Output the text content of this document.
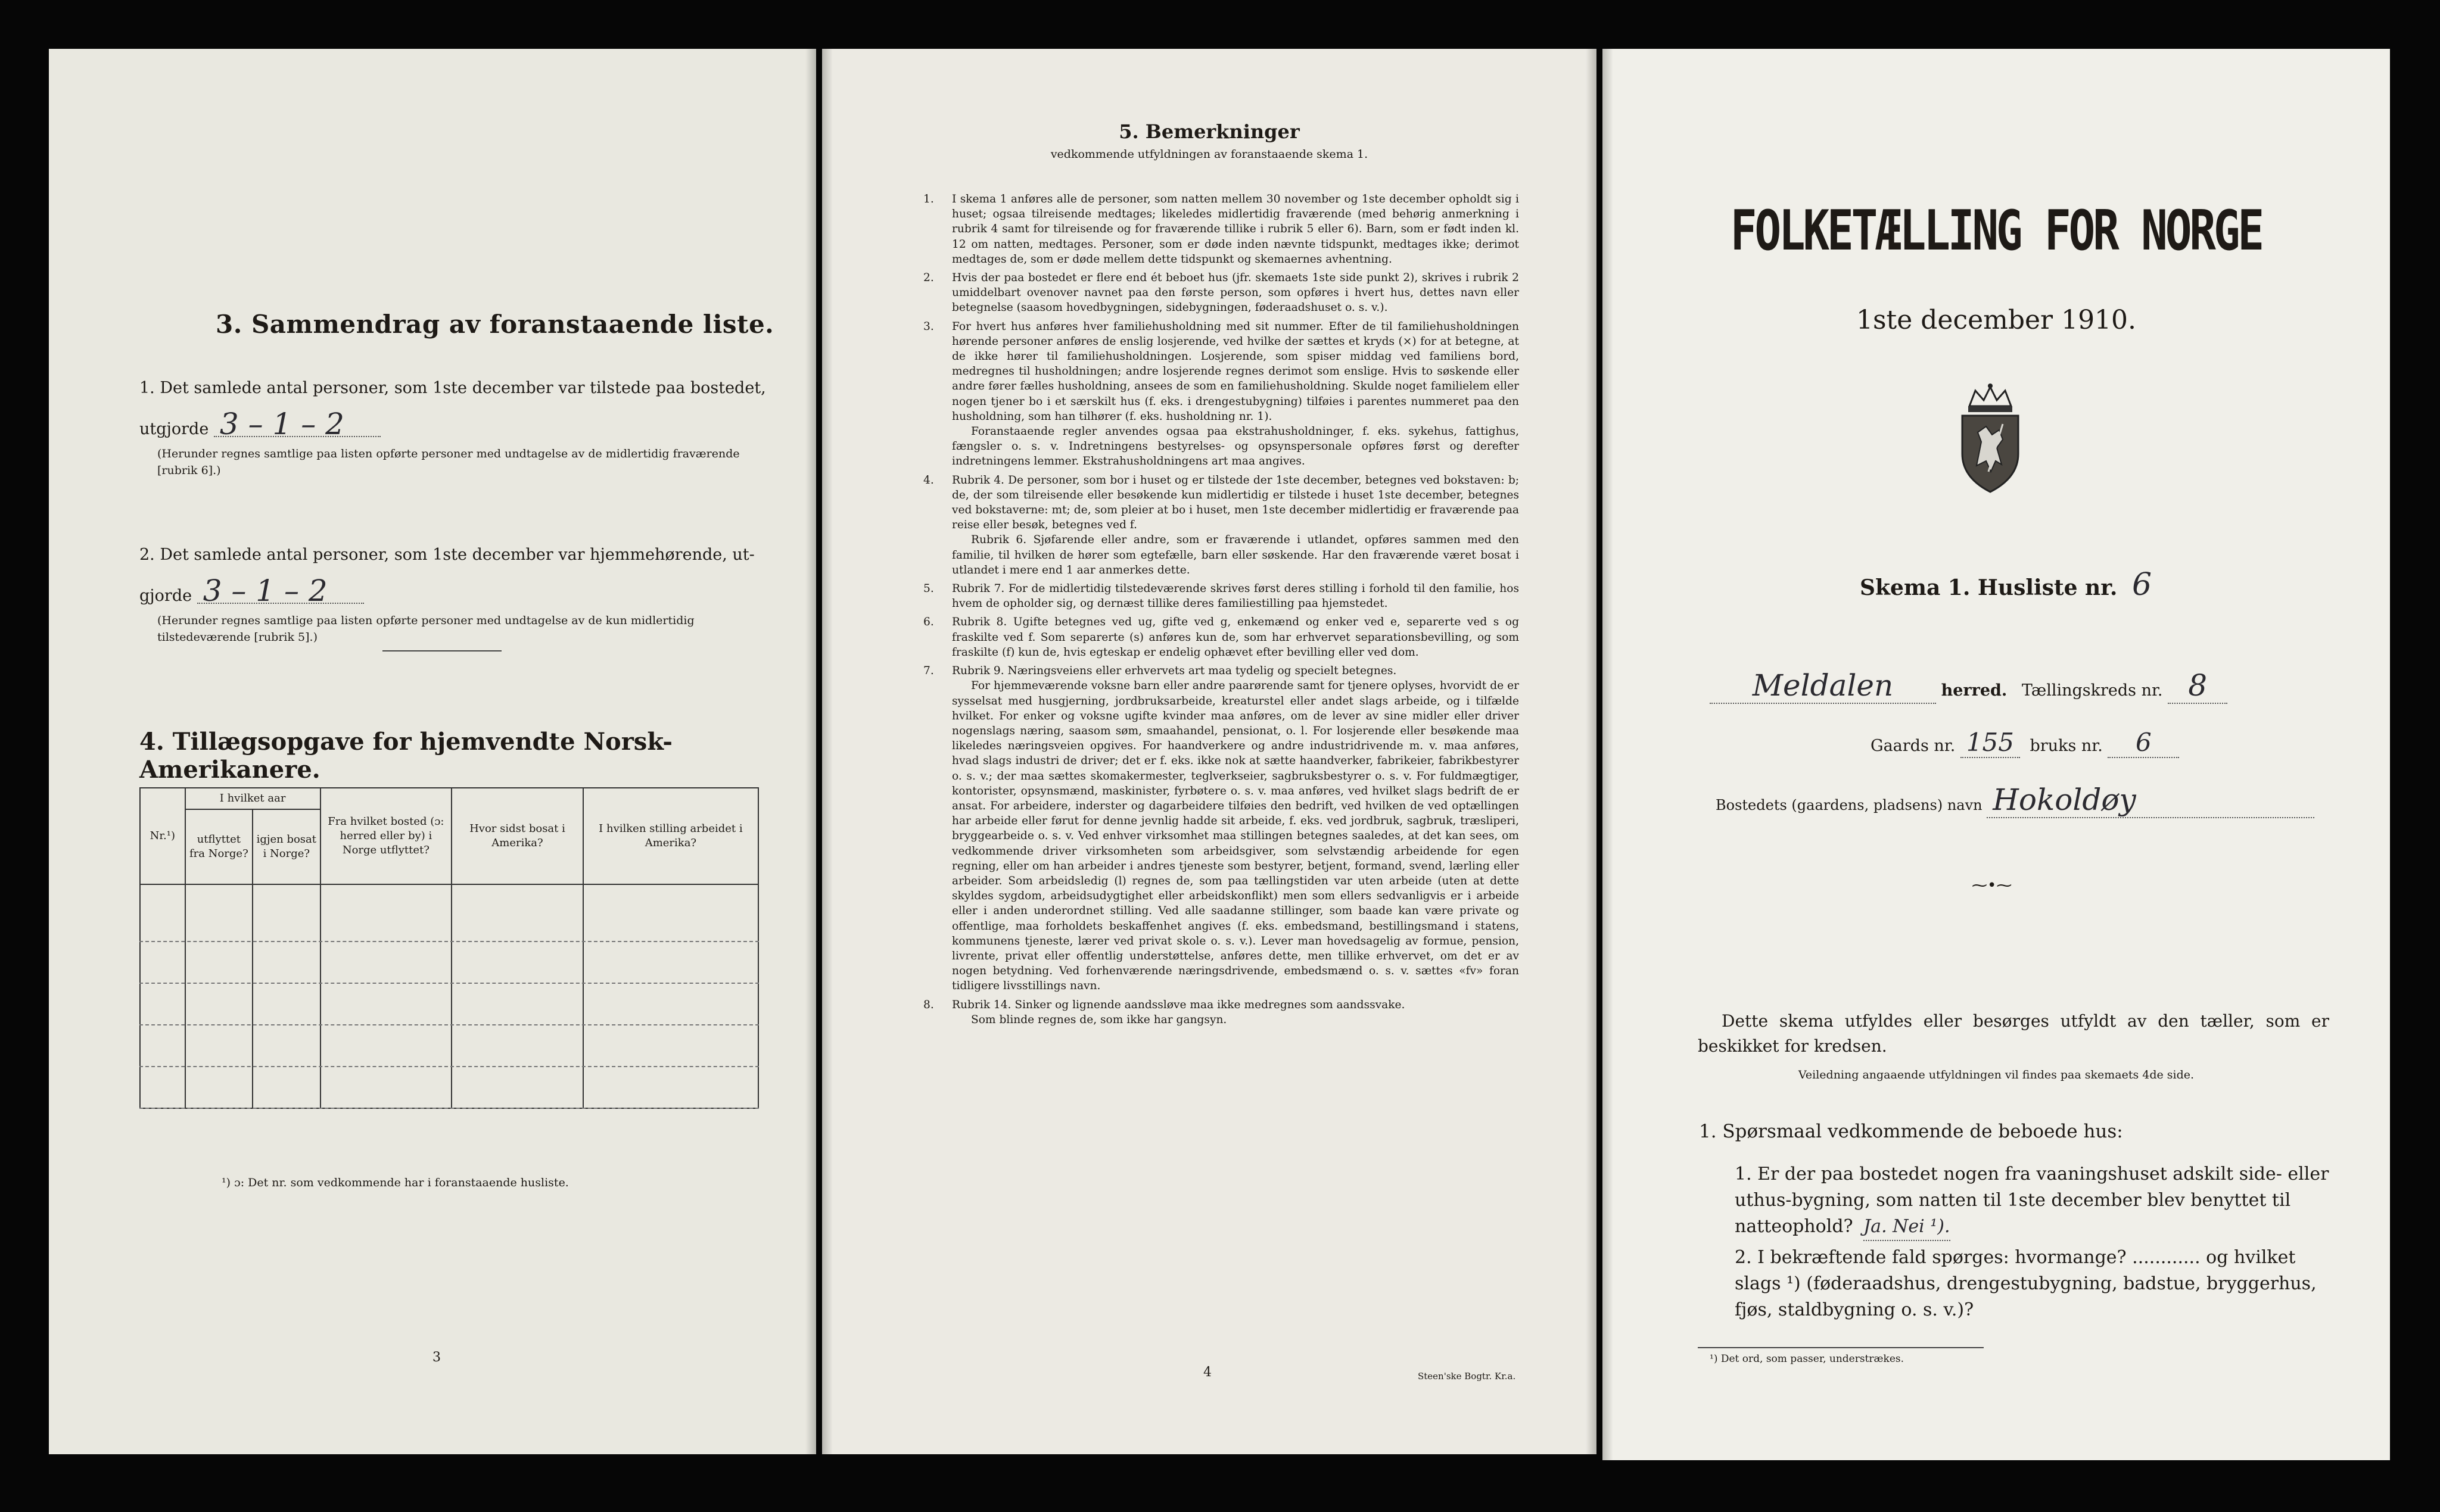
3. Sammendrag av foranstaaende liste.
1. Det samlede antal personer, som 1ste december var tilstede paa bostedet,
utgjorde 3 – 1 – 2
(Herunder regnes samtlige paa listen opførte personer med undtagelse av de midlertidig fraværende [rubrik 6].)
2. Det samlede antal personer, som 1ste december var hjemmehørende, ut-
gjorde 3 – 1 – 2
(Herunder regnes samtlige paa listen opførte personer med undtagelse av de kun midlertidig tilstedeværende [rubrik 5].)
4. Tillægsopgave for hjemvendte Norsk-Amerikanere.
Nr.¹)	I hvilket aar		Fra hvilket bosted (ɔ: herred eller by) i Norge utflyttet?	Hvor sidst bosat i Amerika?	I hvilken stilling arbeidet i Amerika?
	utflyttet fra Norge?	igjen bosat i Norge?			

¹) ɔ: Det nr. som vedkommende har i foranstaaende husliste.
3
5. Bemerkninger
vedkommende utfyldningen av foranstaaende skema 1.
1. I skema 1 anføres alle de personer, som natten mellem 30 november og 1ste december opholdt sig i huset; ogsaa tilreisende medtages; likeledes midlertidig fraværende (med behørig anmerkning i rubrik 4 samt for tilreisende og for fraværende tillike i rubrik 5 eller 6). Barn, som er født inden kl. 12 om natten, medtages. Personer, som er døde inden nævnte tidspunkt, medtages ikke; derimot medtages de, som er døde mellem dette tidspunkt og skemaernes avhentning.

2. Hvis der paa bostedet er flere end ét beboet hus (jfr. skemaets 1ste side punkt 2), skrives i rubrik 2 umiddelbart ovenover navnet paa den første person, som opføres i hvert hus, dettes navn eller betegnelse (saasom hovedbygningen, sidebygningen, føderaadshuset o. s. v.).

3. For hvert hus anføres hver familiehusholdning med sit nummer. Efter de til familiehusholdningen hørende personer anføres de enslig losjerende, ved hvilke der sættes et kryds (×) for at betegne, at de ikke hører til familiehusholdningen. Losjerende, som spiser middag ved familiens bord, medregnes til husholdningen; andre losjerende regnes derimot som enslige. Hvis to søskende eller andre fører fælles husholdning, ansees de som en familiehusholdning. Skulde noget familielem eller nogen tjener bo i et særskilt hus (f. eks. i drengestubygning) tilføies i parentes nummeret paa den husholdning, som han tilhører (f. eks. husholdning nr. 1).

Foranstaaende regler anvendes ogsaa paa ekstrahusholdninger, f. eks. sykehus, fattighus, fængsler o. s. v. Indretningens bestyrelses- og opsynspersonale opføres først og derefter indretningens lemmer. Ekstrahusholdningens art maa angives.

4. Rubrik 4. De personer, som bor i huset og er tilstede der 1ste december, betegnes ved bokstaven: b; de, der som tilreisende eller besøkende kun midlertidig er tilstede i huset 1ste december, betegnes ved bokstaverne: mt; de, som pleier at bo i huset, men 1ste december midlertidig er fraværende paa reise eller besøk, betegnes ved f.

Rubrik 6. Sjøfarende eller andre, som er fraværende i utlandet, opføres sammen med den familie, til hvilken de hører som egtefælle, barn eller søskende. Har den fraværende været bosat i utlandet i mere end 1 aar anmerkes dette.

5. Rubrik 7. For de midlertidig tilstedeværende skrives først deres stilling i forhold til den familie, hos hvem de opholder sig, og dernæst tillike deres familiestilling paa hjemstedet.

6. Rubrik 8. Ugifte betegnes ved ug, gifte ved g, enkemænd og enker ved e, separerte ved s og fraskilte ved f. Som separerte (s) anføres kun de, som har erhvervet separationsbevilling, og som fraskilte (f) kun de, hvis egteskap er endelig ophævet efter bevilling eller ved dom.

7. Rubrik 9. Næringsveiens eller erhvervets art maa tydelig og specielt betegnes.

For hjemmeværende voksne barn eller andre paarørende samt for tjenere oplyses, hvorvidt de er sysselsat med husgjerning, jordbruksarbeide, kreaturstel eller andet slags arbeide, og i tilfælde hvilket. For enker og voksne ugifte kvinder maa anføres, om de lever av sine midler eller driver nogenslags næring, saasom søm, smaahandel, pensionat, o. l. For losjerende eller besøkende maa likeledes næringsveien opgives. For haandverkere og andre industridrivende m. v. maa anføres, hvad slags industri de driver; det er f. eks. ikke nok at sætte haandverker, fabrikeier, fabrikbestyrer o. s. v.; der maa sættes skomakermester, teglverkseier, sagbruksbestyrer o. s. v. For fuldmægtiger, kontorister, opsynsmænd, maskinister, fyrbøtere o. s. v. maa anføres, ved hvilket slags bedrift de er ansat. For arbeidere, inderster og dagarbeidere tilføies den bedrift, ved hvilken de ved optællingen har arbeide eller førut for denne jevnlig hadde sit arbeide, f. eks. ved jordbruk, sagbruk, træsliperi, bryggearbeide o. s. v. Ved enhver virksomhet maa stillingen betegnes saaledes, at det kan sees, om vedkommende driver virksomheten som arbeidsgiver, som selvstændig arbeidende for egen regning, eller om han arbeider i andres tjeneste som bestyrer, betjent, formand, svend, lærling eller arbeider. Som arbeidsledig (l) regnes de, som paa tællingstiden var uten arbeide (uten at dette skyldes sygdom, arbeidsudygtighet eller arbeidskonflikt) men som ellers sedvanligvis er i arbeide eller i anden underordnet stilling. Ved alle saadanne stillinger, som baade kan være private og offentlige, maa forholdets beskaffenhet angives (f. eks. embedsmand, bestillingsmand i statens, kommunens tjeneste, lærer ved privat skole o. s. v.). Lever man hovedsagelig av formue, pension, livrente, privat eller offentlig understøttelse, anføres dette, men tillike erhvervet, om det er av nogen betydning. Ved forhenværende næringsdrivende, embedsmænd o. s. v. sættes «fv» foran tidligere livsstillings navn.

8. Rubrik 14. Sinker og lignende aandssløve maa ikke medregnes som aandssvake.

Som blinde regnes de, som ikke har gangsyn.

4	Steen'ske Bogtr. Kr.a.
FOLKETÆLLING FOR NORGE
1ste december 1910.
Skema 1. Husliste nr. 6
Meldalen	herred. Tællingskreds nr. 8
Gaards nr. 155 bruks nr. 6
Bostedets (gaardens, pladsens) navn Hokoldøy
⁓•⁓
Dette skema utfyldes eller besørges utfyldt av den tæller, som er beskikket for kredsen.
Veiledning angaaende utfyldningen vil findes paa skemaets 4de side.
1. Spørsmaal vedkommende de beboede hus:
1. Er der paa bostedet nogen fra vaaningshuset adskilt side- eller uthus-bygning, som natten til 1ste december blev benyttet til natteophold? Ja. Nei ¹).
2. I bekræftende fald spørges: hvormange? ............ og hvilket slags ¹) (føderaadshus, drengestubygning, badstue, bryggerhus, fjøs, staldbygning o. s. v.)?
¹) Det ord, som passer, understrækes.
